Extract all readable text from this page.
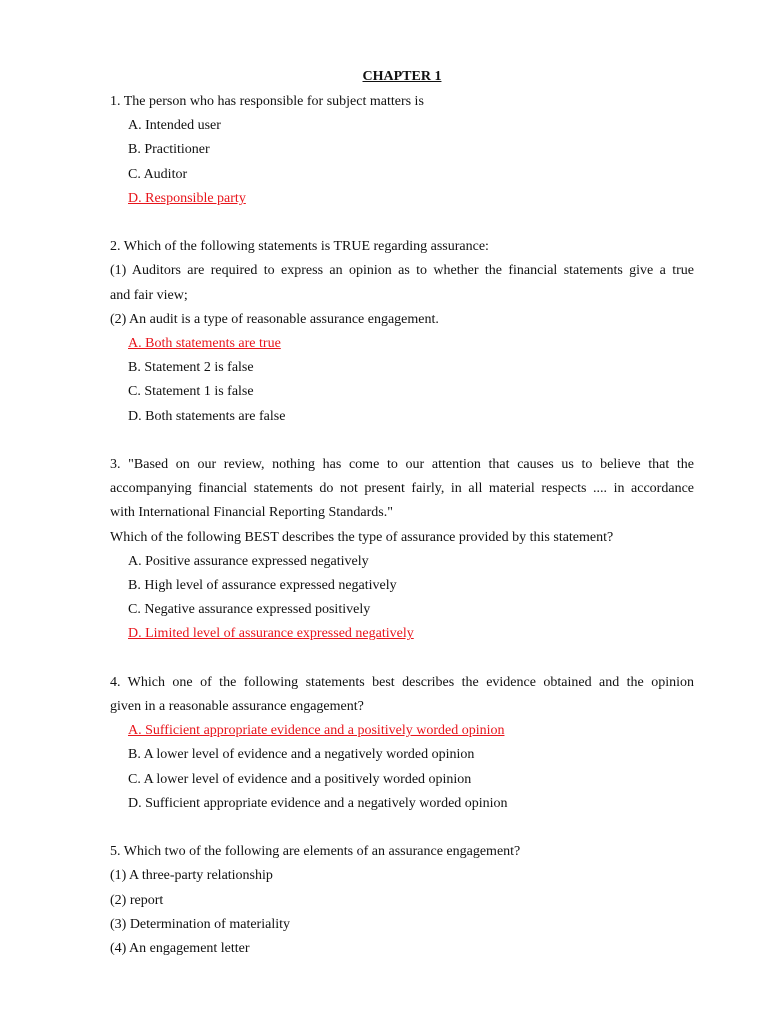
CHAPTER 1
1. The person who has responsible for subject matters is
A. Intended user
B. Practitioner
C. Auditor
D. Responsible party
2. Which of the following statements is TRUE regarding assurance:
(1) Auditors are required to express an opinion as to whether the financial statements give a true
and fair view;
(2) An audit is a type of reasonable assurance engagement.
A. Both statements are true
B. Statement 2 is false
C. Statement 1 is false
D. Both statements are false
3. "Based on our review, nothing has come to our attention that causes us to believe that the
accompanying financial statements do not present fairly, in all material respects .... in accordance
with International Financial Reporting Standards."
Which of the following BEST describes the type of assurance provided by this statement?
A. Positive assurance expressed negatively
B. High level of assurance expressed negatively
C. Negative assurance expressed positively
D. Limited level of assurance expressed negatively
4. Which one of the following statements best describes the evidence obtained and the opinion
given in a reasonable assurance engagement?
A. Sufficient appropriate evidence and a positively worded opinion
B. A lower level of evidence and a negatively worded opinion
C. A lower level of evidence and a positively worded opinion
D. Sufficient appropriate evidence and a negatively worded opinion
5. Which two of the following are elements of an assurance engagement?
(1) A three-party relationship
(2) report
(3) Determination of materiality
(4) An engagement letter
